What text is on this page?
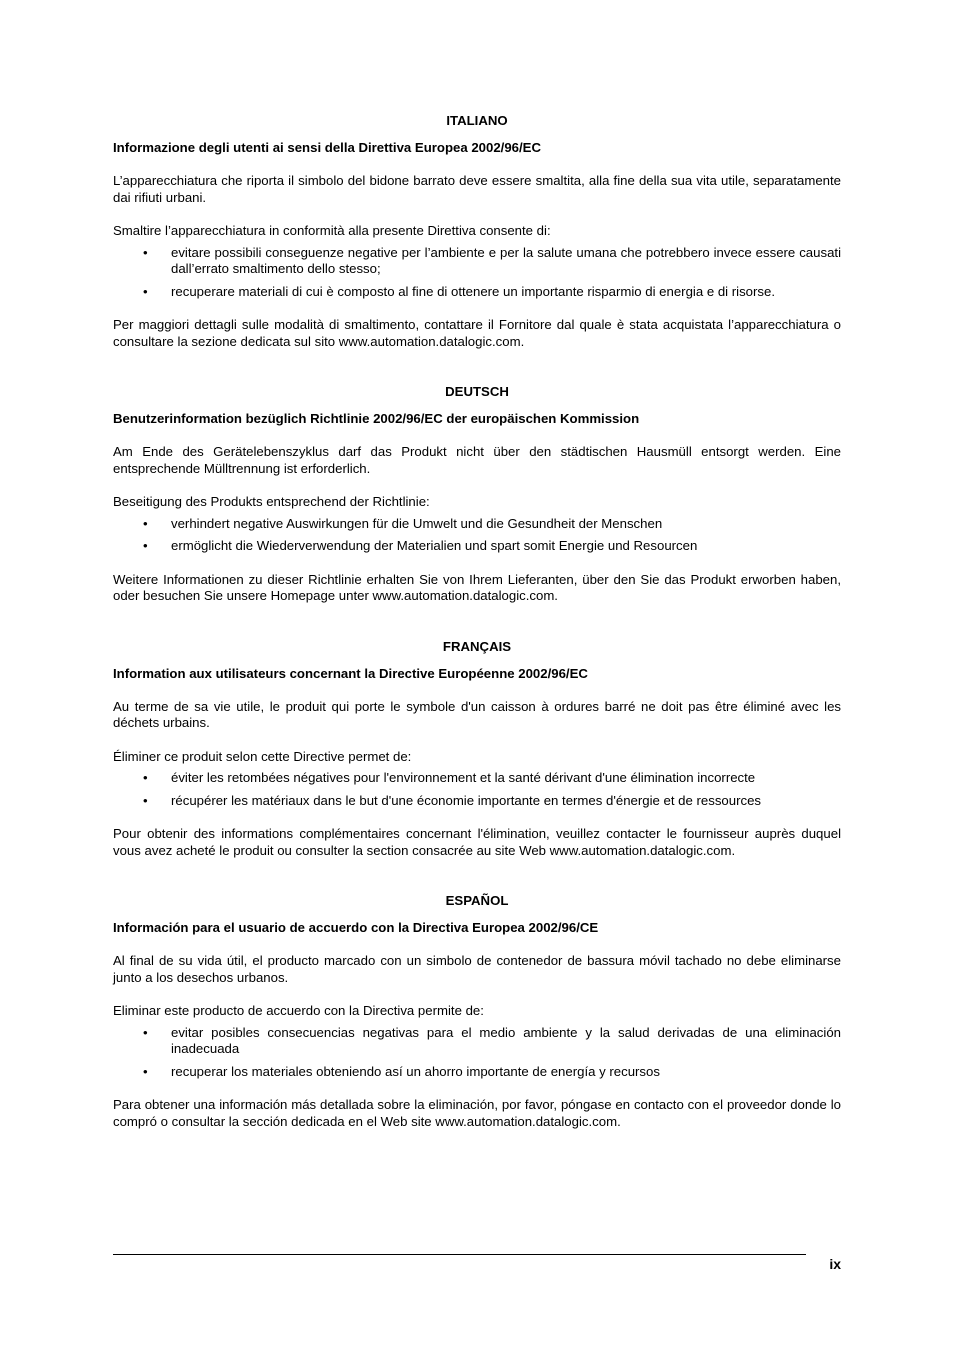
ITALIANO
Informazione degli utenti ai sensi della Direttiva Europea 2002/96/EC

L’apparecchiatura che riporta il simbolo del bidone barrato deve essere smaltita, alla fine della sua vita utile, separatamente dai rifiuti urbani.

Smaltire l’apparecchiatura in conformità alla presente Direttiva consente di:

• evitare possibili conseguenze negative per l’ambiente e per la salute umana che potrebbero invece essere causati dall’errato smaltimento dello stesso;
• recuperare materiali di cui è composto al fine di ottenere un importante risparmio di energia e di risorse.

Per maggiori dettagli sulle modalità di smaltimento, contattare il Fornitore dal quale è stata acquistata l’apparecchiatura o consultare la sezione dedicata sul sito www.automation.datalogic.com.

DEUTSCH
Benutzerinformation bezüglich Richtlinie 2002/96/EC der europäischen Kommission

Am Ende des Gerätelebenszyklus darf das Produkt nicht über den städtischen Hausmüll entsorgt werden. Eine entsprechende Mülltrennung ist erforderlich.

Beseitigung des Produkts entsprechend der Richtlinie:

• verhindert negative Auswirkungen für die Umwelt und die Gesundheit der Menschen
• ermöglicht die Wiederverwendung der Materialien und spart somit Energie und Resourcen

Weitere Informationen zu dieser Richtlinie erhalten Sie von Ihrem Lieferanten, über den Sie das Produkt erworben haben, oder besuchen Sie unsere Homepage unter www.automation.datalogic.com.

FRANÇAIS
Information aux utilisateurs concernant la Directive Européenne 2002/96/EC

Au terme de sa vie utile, le produit qui porte le symbole d'un caisson à ordures barré ne doit pas être éliminé avec les déchets urbains.

Éliminer ce produit selon cette Directive permet de:

• éviter les retombées négatives pour l'environnement et la santé dérivant d'une élimination incorrecte
• récupérer les matériaux dans le but d'une économie importante en termes d'énergie et de ressources

Pour obtenir des informations complémentaires concernant l'élimination, veuillez contacter le fournisseur auprès duquel vous avez acheté le produit ou consulter la section consacrée au site Web www.automation.datalogic.com.

ESPAÑOL
Información para el usuario de accuerdo con la Directiva Europea 2002/96/CE

Al final de su vida útil, el producto marcado con un simbolo de contenedor de bassura móvil tachado no debe eliminarse junto a los desechos urbanos.

Eliminar este producto de accuerdo con la Directiva permite de:

• evitar posibles consecuencias negativas para el medio ambiente y la salud derivadas de una eliminación inadecuada
• recuperar los materiales obteniendo así un ahorro importante de energía y recursos

Para obtener una información más detallada sobre la eliminación, por favor, póngase en contacto con el proveedor donde lo compró o consultar la sección dedicada en el Web site www.automation.datalogic.com.

ix
